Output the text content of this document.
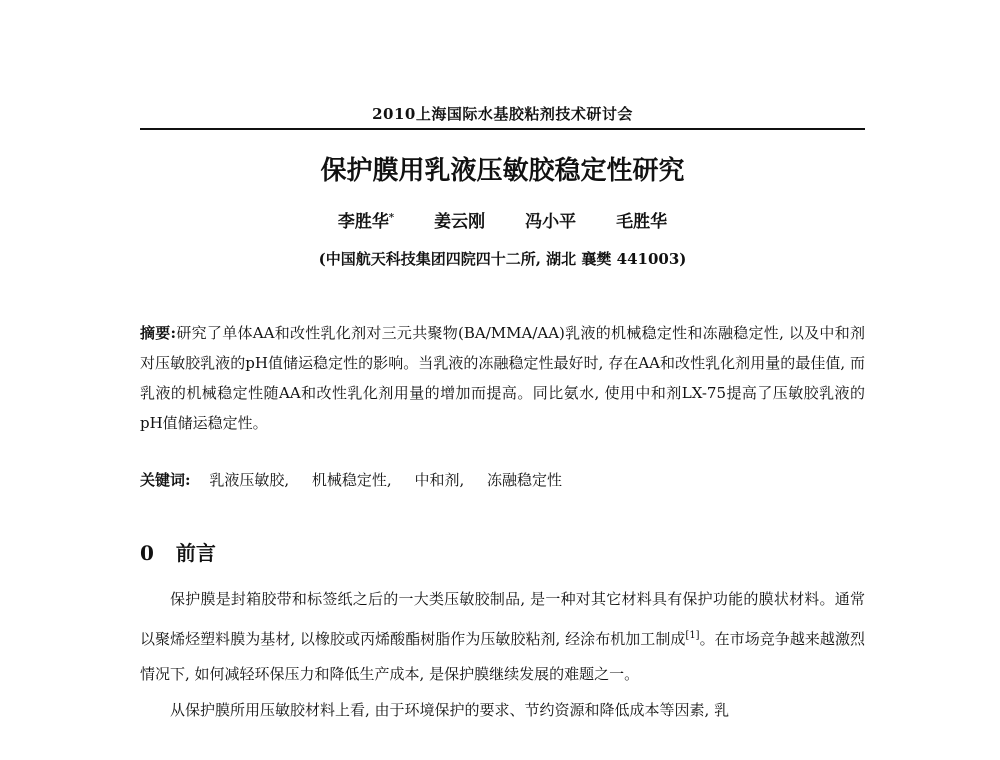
2010上海国际水基胶粘剂技术研讨会
保护膜用乳液压敏胶稳定性研究
李胜华* 姜云刚 冯小平 毛胜华
(中国航天科技集团四院四十二所, 湖北 襄樊 441003)
摘要:研究了单体AA和改性乳化剂对三元共聚物(BA/MMA/AA)乳液的机械稳定性和冻融稳定性, 以及中和剂对压敏胶乳液的pH值储运稳定性的影响。当乳液的冻融稳定性最好时, 存在AA和改性乳化剂用量的最佳值, 而乳液的机械稳定性随AA和改性乳化剂用量的增加而提高。同比氨水, 使用中和剂LX-75提高了压敏胶乳液的pH值储运稳定性。
关键词: 乳液压敏胶, 机械稳定性, 中和剂, 冻融稳定性
0 前言

保护膜是封箱胶带和标签纸之后的一大类压敏胶制品, 是一种对其它材料具有保护功能的膜状材料。通常以聚烯烃塑料膜为基材, 以橡胶或丙烯酸酯树脂作为压敏胶粘剂, 经涂布机加工制成[1]。在市场竞争越来越激烈情况下, 如何减轻环保压力和降低生产成本, 是保护膜继续发展的难题之一。

从保护膜所用压敏胶材料上看, 由于环境保护的要求、节约资源和降低成本等因素, 乳
